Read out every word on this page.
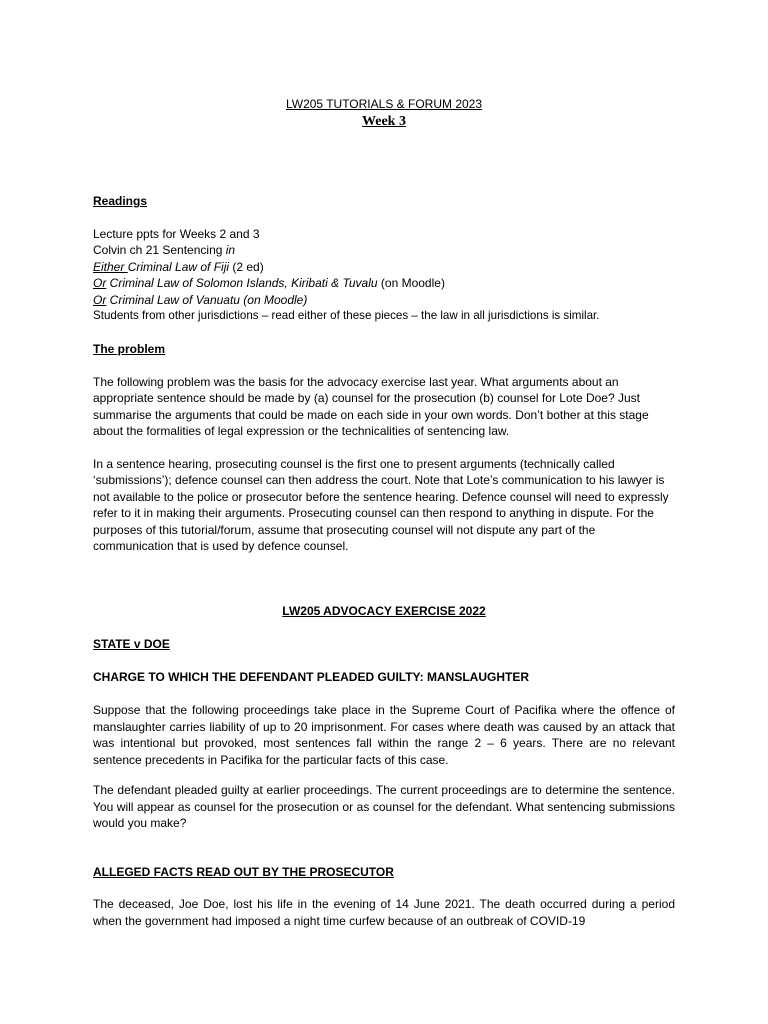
LW205 TUTORIALS & FORUM 2023
Week 3
Readings
Lecture ppts for Weeks 2 and 3
Colvin ch 21 Sentencing in
Either Criminal Law of Fiji (2 ed)
Or Criminal Law of Solomon Islands, Kiribati & Tuvalu (on Moodle)
Or Criminal Law of Vanuatu (on Moodle)
Students from other jurisdictions – read either of these pieces – the law in all jurisdictions is similar.
The problem

The following problem was the basis for the advocacy exercise last year. What arguments about an appropriate sentence should be made by (a) counsel for the prosecution (b) counsel for Lote Doe? Just summarise the arguments that could be made on each side in your own words. Don’t bother at this stage about the formalities of legal expression or the technicalities of sentencing law.

In a sentence hearing, prosecuting counsel is the first one to present arguments (technically called ‘submissions’); defence counsel can then address the court. Note that Lote’s communication to his lawyer is not available to the police or prosecutor before the sentence hearing. Defence counsel will need to expressly refer to it in making their arguments. Prosecuting counsel can then respond to anything in dispute. For the purposes of this tutorial/forum, assume that prosecuting counsel will not dispute any part of the communication that is used by defence counsel.

LW205 ADVOCACY EXERCISE 2022
STATE v DOE
CHARGE TO WHICH THE DEFENDANT PLEADED GUILTY: MANSLAUGHTER
Suppose that the following proceedings take place in the Supreme Court of Pacifika where the offence of manslaughter carries liability of up to 20 imprisonment. For cases where death was caused by an attack that was intentional but provoked, most sentences fall within the range 2 – 6 years. There are no relevant sentence precedents in Pacifika for the particular facts of this case.
The defendant pleaded guilty at earlier proceedings. The current proceedings are to determine the sentence. You will appear as counsel for the prosecution or as counsel for the defendant. What sentencing submissions would you make?
ALLEGED FACTS READ OUT BY THE PROSECUTOR
The deceased, Joe Doe, lost his life in the evening of 14 June 2021. The death occurred during a period when the government had imposed a night time curfew because of an outbreak of COVID-19
